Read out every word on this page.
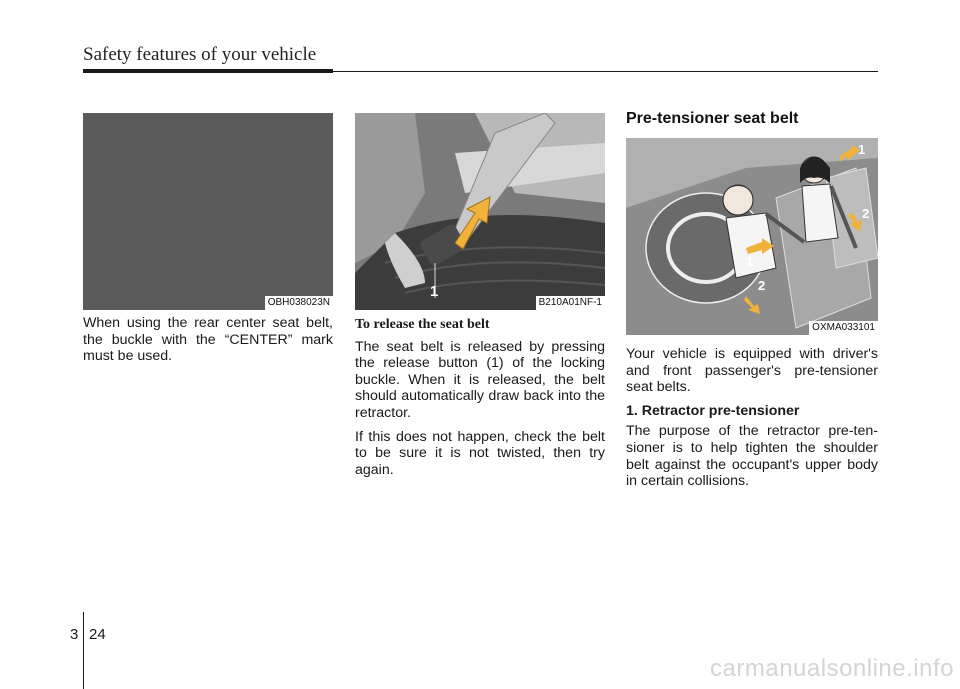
Safety features of your vehicle
OBH038023N
1
B210A01NF-1

When using the rear center seat belt, the buckle with the “CENTER” mark must be used.

To release the seat belt

The seat belt is released by pressing the release button (1) of the locking buckle. When it is released, the belt should automatically draw back into the retractor.

If this does not happen, check the belt to be sure it is not twisted, then try again.

Pre-tensioner seat belt
1
2
1
2
OXMA033101

Your vehicle is equipped with driver's and front passenger's pre-tensioner seat belts.

1. Retractor pre-tensioner

The purpose of the retractor pre-ten- sioner is to help tighten the shoulder belt against the occupant's upper body in certain collisions.

3 24
carmanualsonline.info
